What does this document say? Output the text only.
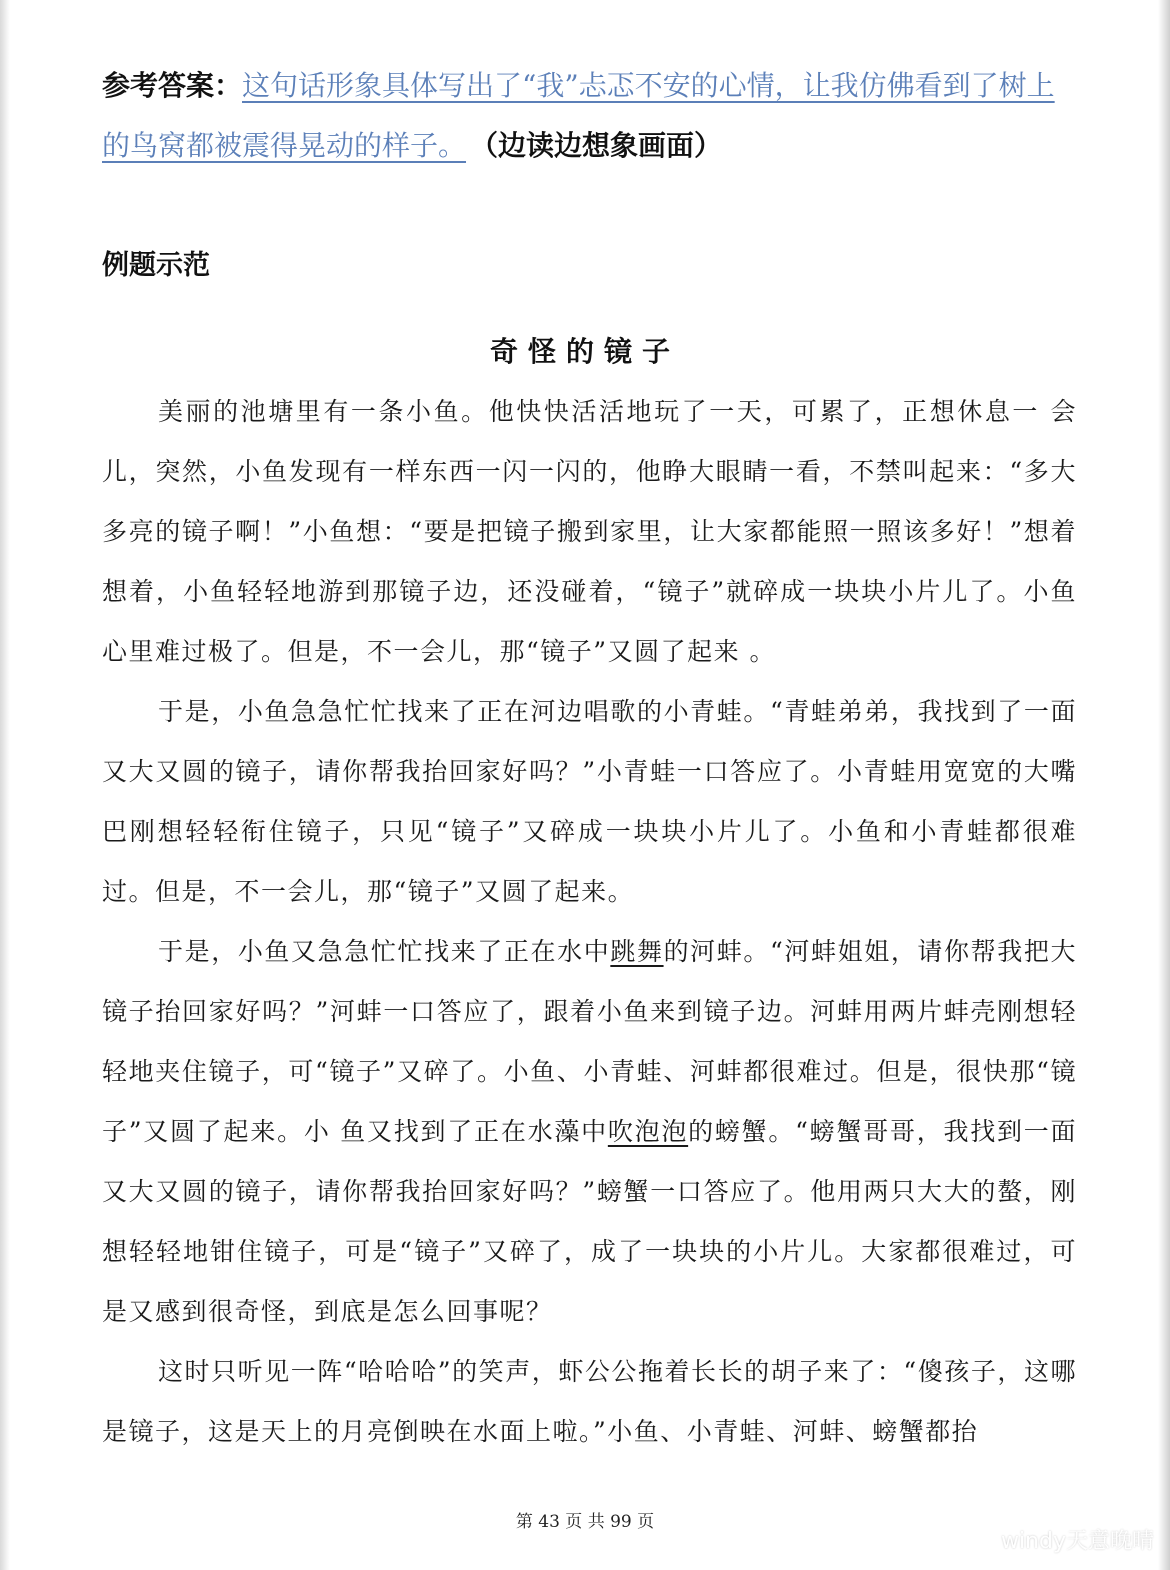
参考答案：这句话形象具体写出了“我”忐忑不安的心情，让我仿佛看到了树上的鸟窝都被震得晃动的样子。 （边读边想象画面）
例题示范
奇怪的镜子

美丽的池塘里有一条小鱼。他快快活活地玩了一天，可累了，正想休息一 会儿，突然，小鱼发现有一样东西一闪一闪的，他睁大眼睛一看，不禁叫起来：“多大多亮的镜子啊！”小鱼想：“要是把镜子搬到家里，让大家都能照一照该多好！”想着想着，小鱼轻轻地游到那镜子边，还没碰着，“镜子”就碎成一块块小片儿了。小鱼心里难过极了。但是，不一会儿，那“镜子”又圆了起来 。

于是，小鱼急急忙忙找来了正在河边唱歌的小青蛙。“青蛙弟弟，我找到了一面又大又圆的镜子，请你帮我抬回家好吗？”小青蛙一口答应了。小青蛙用宽宽的大嘴巴刚想轻轻衔住镜子，只见“镜子”又碎成一块块小片儿了。小鱼和小青蛙都很难过。但是，不一会儿，那“镜子”又圆了起来。

于是，小鱼又急急忙忙找来了正在水中跳舞的河蚌。“河蚌姐姐，请你帮我把大镜子抬回家好吗？”河蚌一口答应了，跟着小鱼来到镜子边。河蚌用两片蚌壳刚想轻轻地夹住镜子，可“镜子”又碎了。小鱼、小青蛙、河蚌都很难过。但是，很快那“镜子”又圆了起来。小 鱼又找到了正在水藻中吹泡泡的螃蟹。“螃蟹哥哥，我找到一面又大又圆的镜子，请你帮我抬回家好吗？”螃蟹一口答应了。他用两只大大的螯，刚想轻轻地钳住镜子，可是“镜子”又碎了，成了一块块的小片儿。大家都很难过，可是又感到很奇怪，到底是怎么回事呢？

这时只听见一阵“哈哈哈”的笑声，虾公公拖着长长的胡子来了：“傻孩子，这哪是镜子，这是天上的月亮倒映在水面上啦。”小鱼、小青蛙、河蚌、螃蟹都抬

第 43 页 共 99 页
windy天意晚晴
